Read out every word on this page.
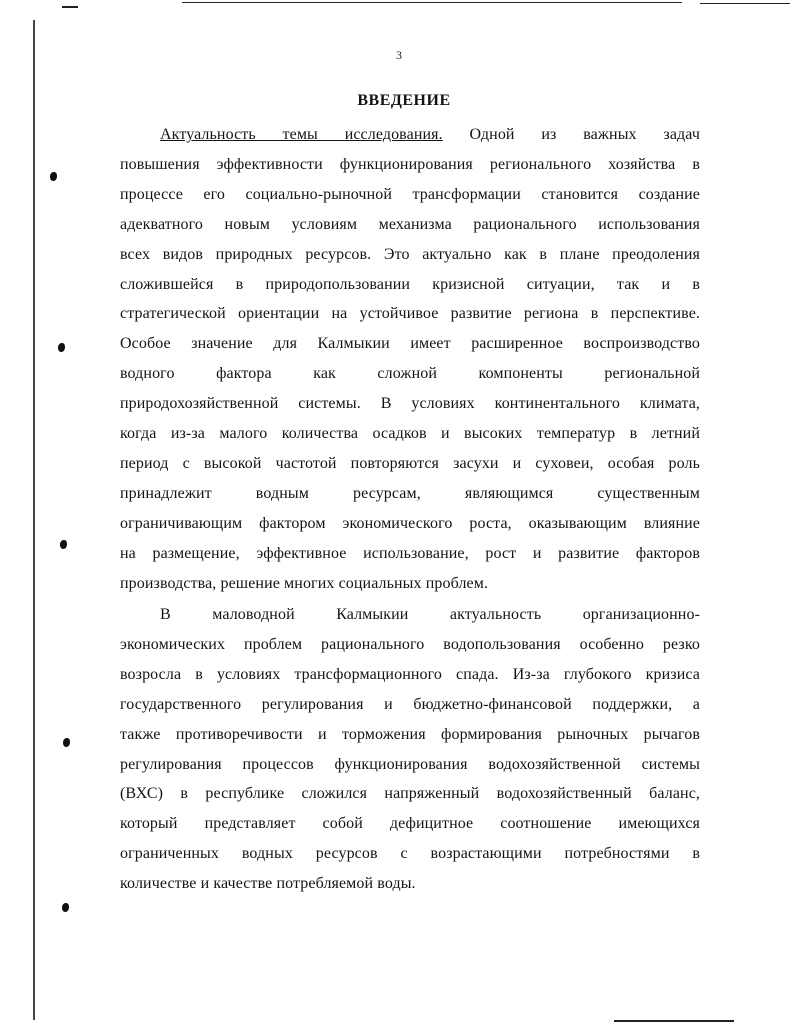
3
ВВЕДЕНИЕ

Актуальность темы исследования. Одной из важных задач
повышения эффективности функционирования регионального хозяйства в
процессе его социально-рыночной трансформации становится создание
адекватного новым условиям механизма рационального использования
всех видов природных ресурсов. Это актуально как в плане преодоления
сложившейся в природопользовании кризисной ситуации, так и в
стратегической ориентации на устойчивое развитие региона в перспективе.
Особое значение для Калмыкии имеет расширенное воспроизводство
водного фактора как сложной компоненты региональной
природохозяйственной системы. В условиях континентального климата,
когда из-за малого количества осадков и высоких температур в летний
период с высокой частотой повторяются засухи и суховеи, особая роль
принадлежит водным ресурсам, являющимся существенным
ограничивающим фактором экономического роста, оказывающим влияние
на размещение, эффективное использование, рост и развитие факторов
производства, решение многих социальных проблем.

В маловодной Калмыкии актуальность организационно-
экономических проблем рационального водопользования особенно резко
возросла в условиях трансформационного спада. Из-за глубокого кризиса
государственного регулирования и бюджетно-финансовой поддержки, а
также противоречивости и торможения формирования рыночных рычагов
регулирования процессов функционирования водохозяйственной системы
(ВХС) в республике сложился напряженный водохозяйственный баланс,
который представляет собой дефицитное соотношение имеющихся
ограниченных водных ресурсов с возрастающими потребностями в
количестве и качестве потребляемой воды.
